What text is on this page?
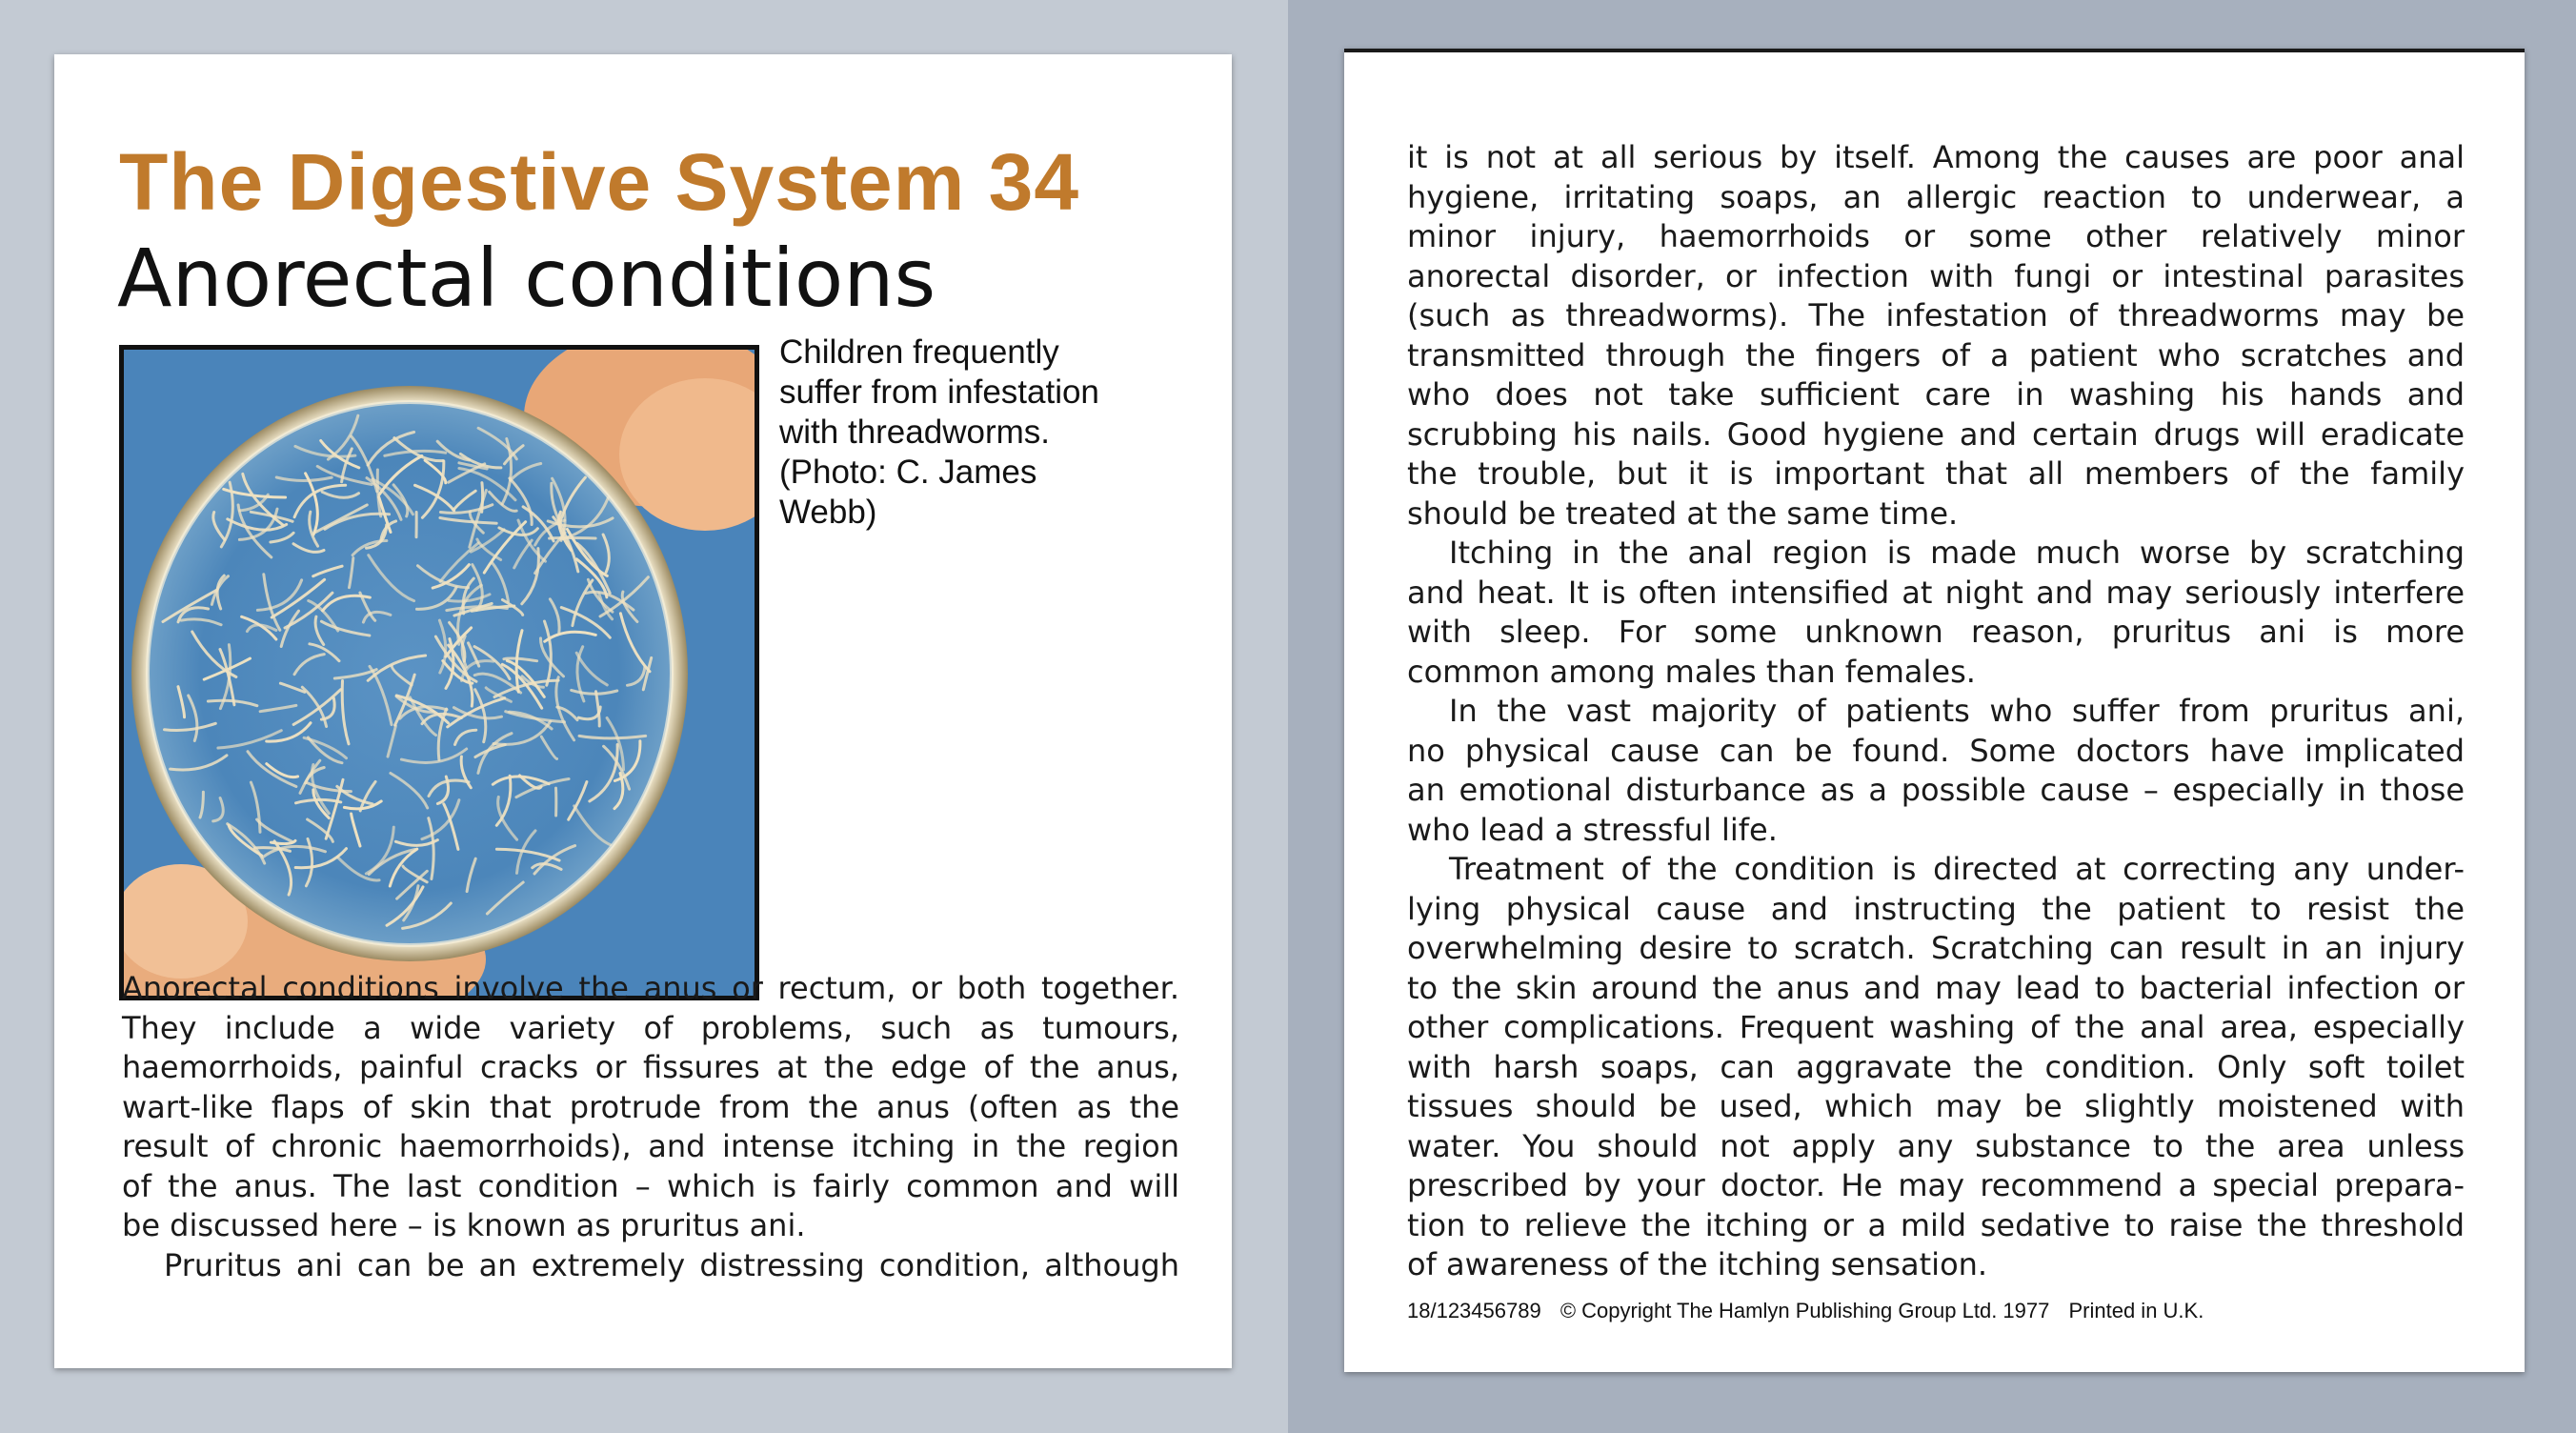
The Digestive System 34
Anorectal conditions
Children frequently
suffer from infestation
with threadworms.
(Photo: C. James
Webb)
Anorectal conditions involve the anus or rectum, or both together.
They include a wide variety of problems, such as tumours,
haemorrhoids, painful cracks or fissures at the edge of the anus,
wart-like flaps of skin that protrude from the anus (often as the
result of chronic haemorrhoids), and intense itching in the region
of the anus. The last condition – which is fairly common and will
be discussed here – is known as pruritus ani.
Pruritus ani can be an extremely distressing condition, although
it is not at all serious by itself. Among the causes are poor anal
hygiene, irritating soaps, an allergic reaction to underwear, a
minor injury, haemorrhoids or some other relatively minor
anorectal disorder, or infection with fungi or intestinal parasites
(such as threadworms). The infestation of threadworms may be
transmitted through the fingers of a patient who scratches and
who does not take sufficient care in washing his hands and
scrubbing his nails. Good hygiene and certain drugs will eradicate
the trouble, but it is important that all members of the family
should be treated at the same time.
Itching in the anal region is made much worse by scratching
and heat. It is often intensified at night and may seriously interfere
with sleep. For some unknown reason, pruritus ani is more
common among males than females.
In the vast majority of patients who suffer from pruritus ani,
no physical cause can be found. Some doctors have implicated
an emotional disturbance as a possible cause – especially in those
who lead a stressful life.
Treatment of the condition is directed at correcting any under-
lying physical cause and instructing the patient to resist the
overwhelming desire to scratch. Scratching can result in an injury
to the skin around the anus and may lead to bacterial infection or
other complications. Frequent washing of the anal area, especially
with harsh soaps, can aggravate the condition. Only soft toilet
tissues should be used, which may be slightly moistened with
water. You should not apply any substance to the area unless
prescribed by your doctor. He may recommend a special prepara-
tion to relieve the itching or a mild sedative to raise the threshold
of awareness of the itching sensation.
18/123456789 © Copyright The Hamlyn Publishing Group Ltd. 1977 Printed in U.K.
